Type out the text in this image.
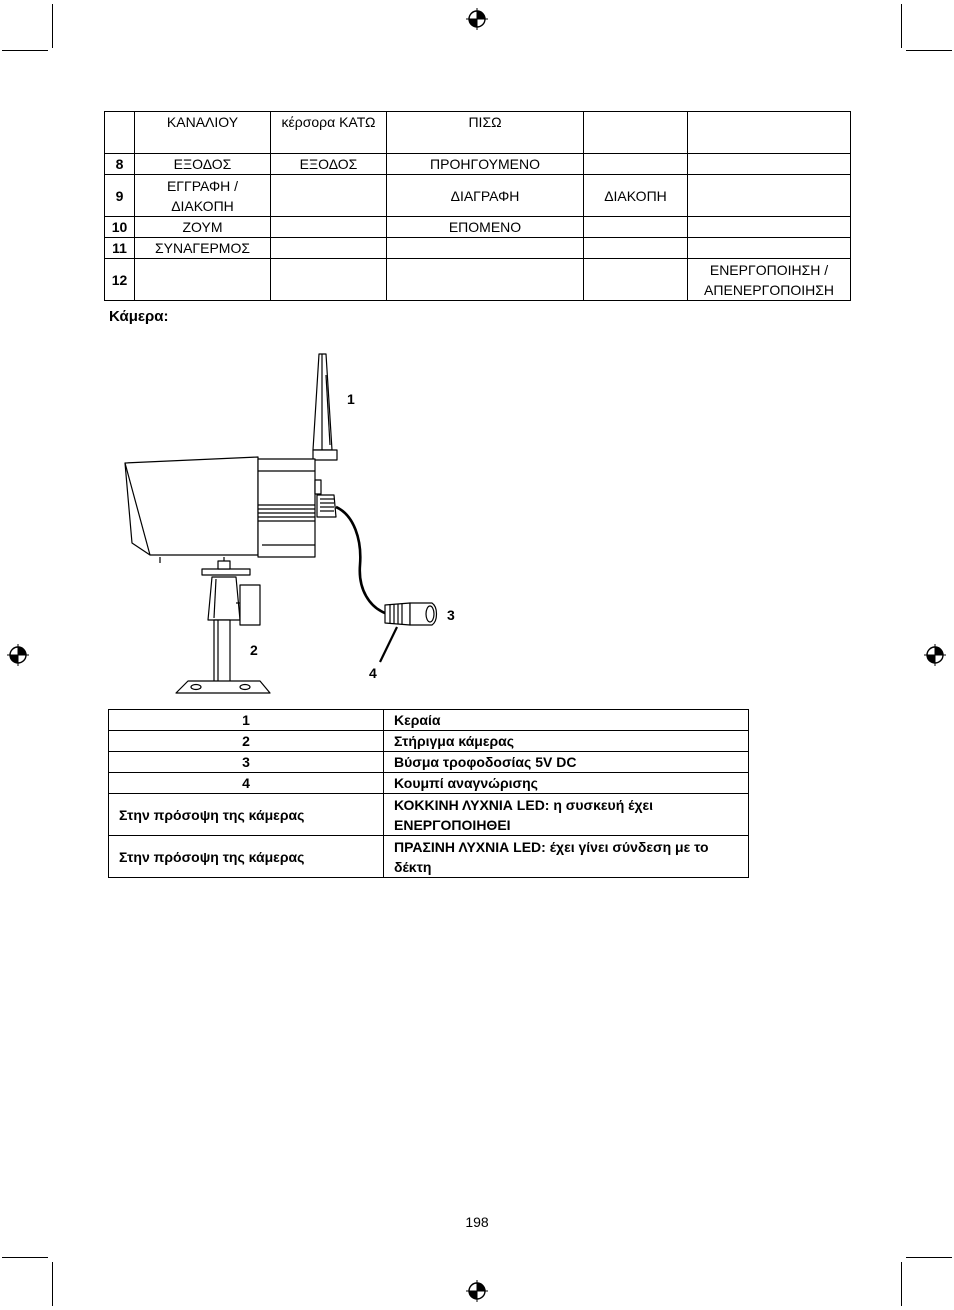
	ΚΑΝΑΛΙΟΥ	κέρσορα ΚΑΤΩ	ΠΙΣΩ		
8	ΕΞΟΔΟΣ	ΕΞΟΔΟΣ	ΠΡΟΗΓΟΥΜΕΝΟ		
9	ΕΓΓΡΑΦΗ / ΔΙΑΚΟΠΗ		ΔΙΑΓΡΑΦΗ	ΔΙΑΚΟΠΗ	
10	ΖΟΥΜ		ΕΠΟΜΕΝΟ		
11	ΣΥΝΑΓΕΡΜΟΣ				
12					ΕΝΕΡΓΟΠΟΙΗΣΗ / ΑΠΕΝΕΡΓΟΠΟΙΗΣΗ
Κάμερα:
1
2
3
4
1	Κεραία
2	Στήριγμα κάμερας
3	Βύσμα τροφοδοσίας 5V DC
4	Κουμπί αναγνώρισης
Στην πρόσοψη της κάμερας	ΚΟΚΚΙΝΗ ΛΥΧΝΙΑ LED: η συσκευή έχει ΕΝΕΡΓΟΠΟΙΗΘΕΙ
Στην πρόσοψη της κάμερας	ΠΡΑΣΙΝΗ ΛΥΧΝΙΑ LED: έχει γίνει σύνδεση με το δέκτη
198
